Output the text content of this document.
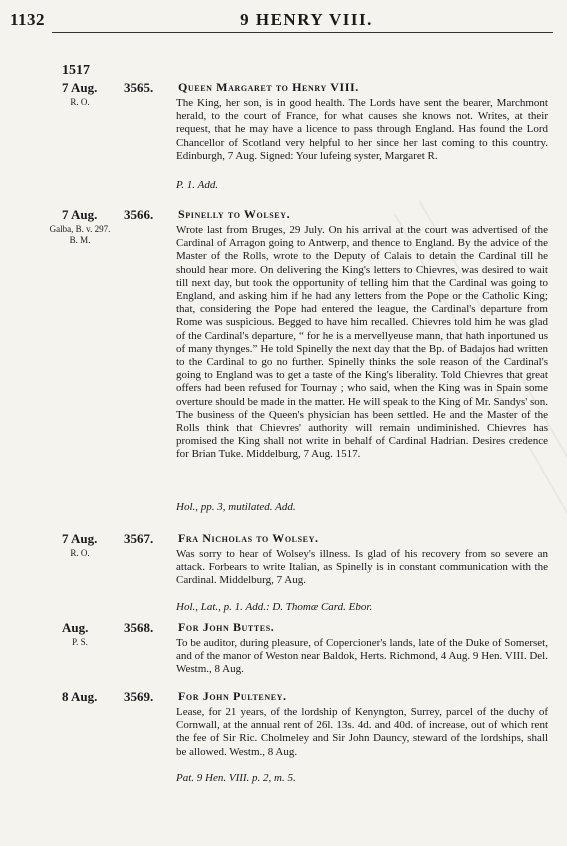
1132	9 HENRY VIII.
1517
7 Aug.
R. O.
3565. Queen Margaret to Henry VIII.
The King, her son, is in good health. The Lords have sent the bearer, Marchmont herald, to the court of France, for what causes she knows not. Writes, at their request, that he may have a licence to pass through England. Has found the Lord Chancellor of Scotland very helpful to her since her last coming to this country. Edinburgh, 7 Aug. Signed: Your lufeing syster, Margaret R.
P. 1. Add.
7 Aug.
Galba, B. v. 297.
B. M.
3566. Spinelly to Wolsey.
Wrote last from Bruges, 29 July. On his arrival at the court was advertised of the Cardinal of Arragon going to Antwerp, and thence to England. By the advice of the Master of the Rolls, wrote to the Deputy of Calais to detain the Cardinal till he should hear more. On delivering the King's letters to Chievres, was desired to wait till next day, but took the opportunity of telling him that the Cardinal was going to England, and asking him if he had any letters from the Pope or the Catholic King; that, considering the Pope had entered the league, the Cardinal's departure from Rome was suspicious. Begged to have him recalled. Chievres told him he was glad of the Cardinal's departure, “ for he is a mervellyeuse mann, that hath inportuned us of many thynges.” He told Spinelly the next day that the Bp. of Badajos had written to the Cardinal to go no further. Spinelly thinks the sole reason of the Cardinal's going to England was to get a taste of the King's liberality. Told Chievres that great offers had been refused for Tournay ; who said, when the King was in Spain some overture should be made in the matter. He will speak to the King of Mr. Sandys' son. The business of the Queen's physician has been settled. He and the Master of the Rolls think that Chievres' authority will remain undiminished. Chievres has promised the King shall not write in behalf of Cardinal Hadrian. Desires credence for Brian Tuke. Middelburg, 7 Aug. 1517.
Hol., pp. 3, mutilated. Add.
7 Aug.
R. O.
3567. Fra Nicholas to Wolsey.
Was sorry to hear of Wolsey's illness. Is glad of his recovery from so severe an attack. Forbears to write Italian, as Spinelly is in constant communication with the Cardinal. Middelburg, 7 Aug.
Hol., Lat., p. 1. Add.: D. Thomæ Card. Ebor.
Aug.
P. S.
3568. For John Buttes.
To be auditor, during pleasure, of Copercioner's lands, late of the Duke of Somerset, and of the manor of Weston near Baldok, Herts. Richmond, 4 Aug. 9 Hen. VIII. Del. Westm., 8 Aug.
8 Aug.	3569. For John Pulteney.
Lease, for 21 years, of the lordship of Kenyngton, Surrey, parcel of the duchy of Cornwall, at the annual rent of 26l. 13s. 4d. and 40d. of increase, out of which rent the fee of Sir Ric. Cholmeley and Sir John Dauncy, steward of the lordships, shall be allowed. Westm., 8 Aug.
Pat. 9 Hen. VIII. p. 2, m. 5.
